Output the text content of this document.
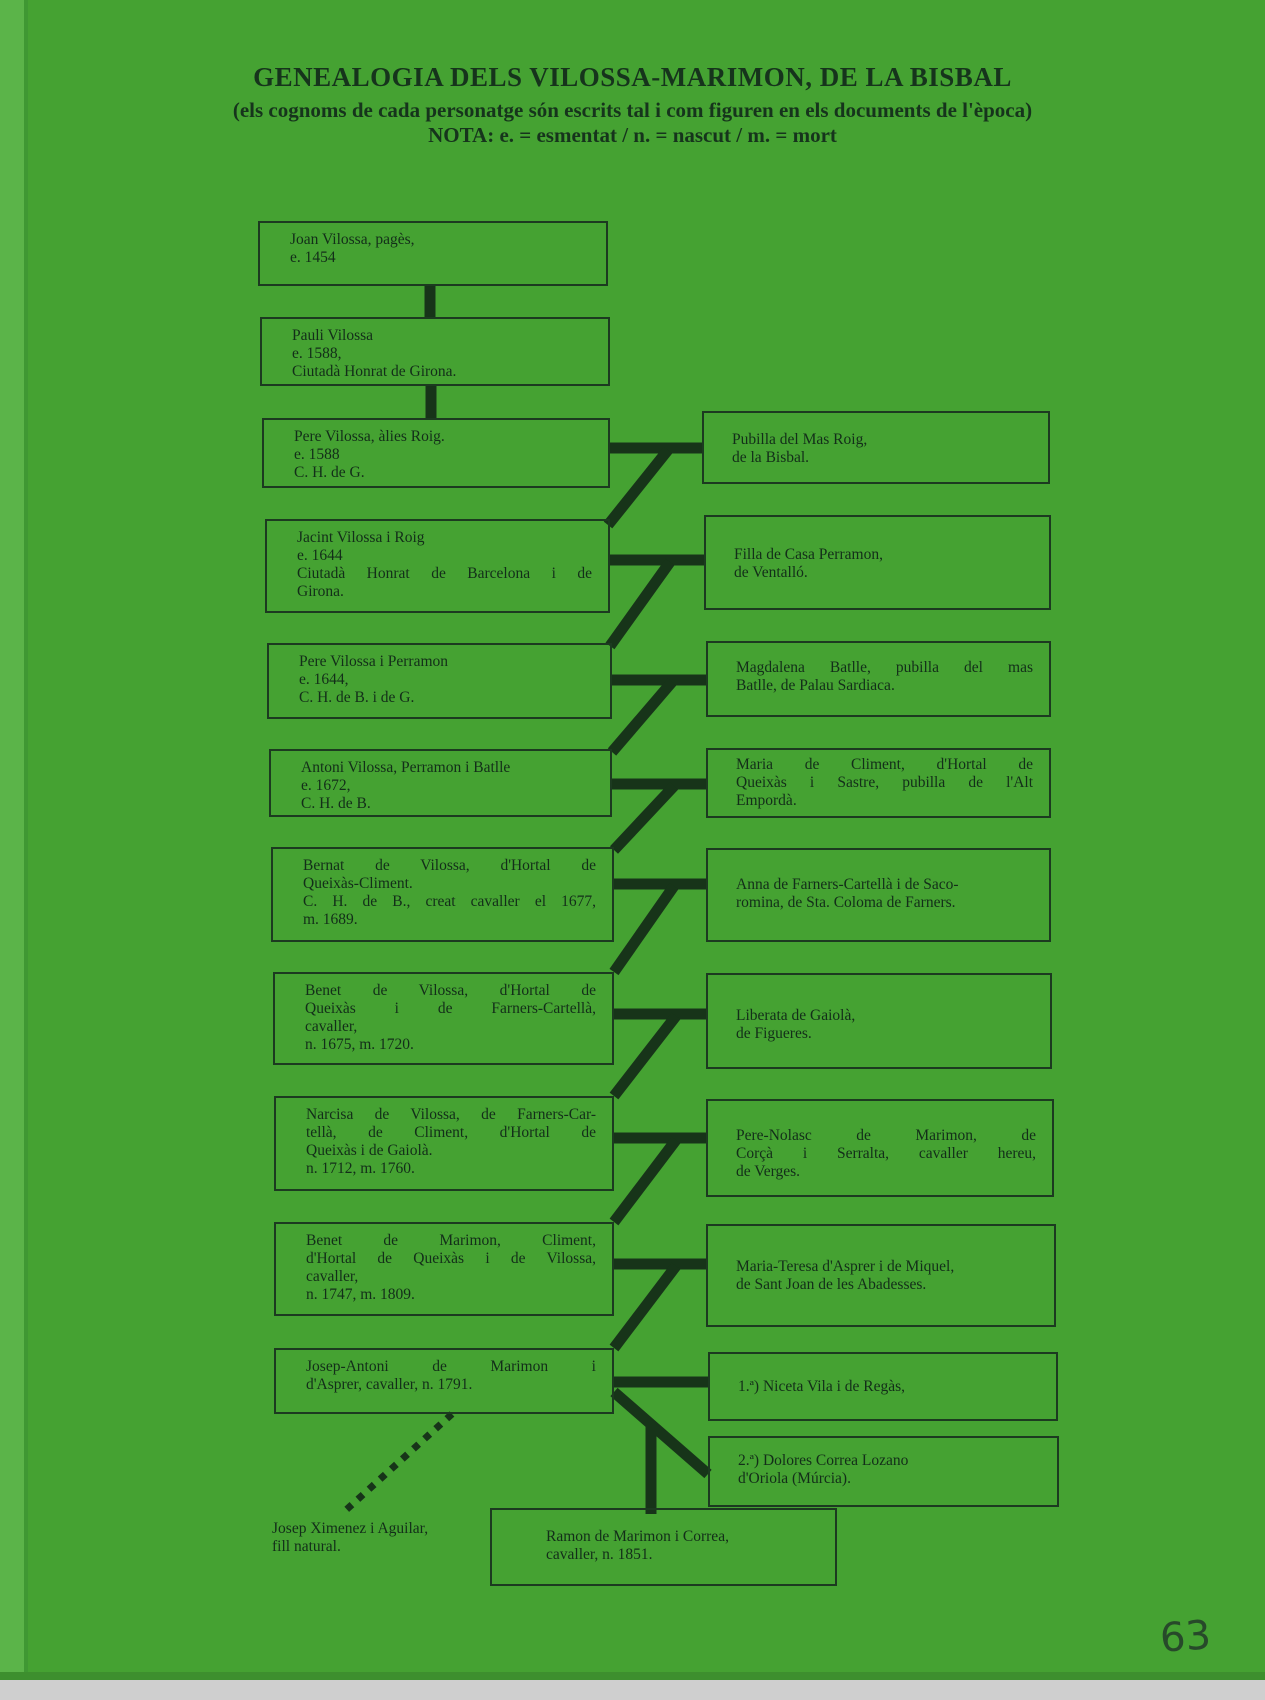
GENEALOGIA DELS VILOSSA-MARIMON, DE LA BISBAL
(els cognoms de cada personatge són escrits tal i com figuren en els documents de l'època)
NOTA: e. = esmentat / n. = nascut / m. = mort
Joan Vilossa, pagès,
e. 1454
Pauli Vilossa
e. 1588,
Ciutadà Honrat de Girona.
Pere Vilossa, àlies Roig.
e. 1588
C. H. de G.
Jacint Vilossa i Roig
e. 1644
Ciutadà Honrat de Barcelona i de
Girona.
Pere Vilossa i Perramon
e. 1644,
C. H. de B. i de G.
Antoni Vilossa, Perramon i Batlle
e. 1672,
C. H. de B.
Bernat de Vilossa, d'Hortal de
Queixàs-Climent.
C. H. de B., creat cavaller el 1677,
m. 1689.
Benet de Vilossa, d'Hortal de
Queixàs i de Farners-Cartellà,
cavaller,
n. 1675, m. 1720.
Narcisa de Vilossa, de Farners-Car-
tellà, de Climent, d'Hortal de
Queixàs i de Gaiolà.
n. 1712, m. 1760.
Benet de Marimon, Climent,
d'Hortal de Queixàs i de Vilossa,
cavaller,
n. 1747, m. 1809.
Josep-Antoni de Marimon i
d'Asprer, cavaller, n. 1791.
Pubilla del Mas Roig,
de la Bisbal.
Filla de Casa Perramon,
de Ventalló.
Magdalena Batlle, pubilla del mas
Batlle, de Palau Sardiaca.
Maria de Climent, d'Hortal de
Queixàs i Sastre, pubilla de l'Alt
Empordà.
Anna de Farners-Cartellà i de Saco-
romina, de Sta. Coloma de Farners.
Liberata de Gaiolà,
de Figueres.
Pere-Nolasc de Marimon, de
Corçà i Serralta, cavaller hereu,
de Verges.
Maria-Teresa d'Asprer i de Miquel,
de Sant Joan de les Abadesses.
1.ª) Niceta Vila i de Regàs,
2.ª) Dolores Correa Lozano
d'Oriola (Múrcia).
Ramon de Marimon i Correa,
cavaller, n. 1851.
Josep Ximenez i Aguilar,
fill natural.
63
